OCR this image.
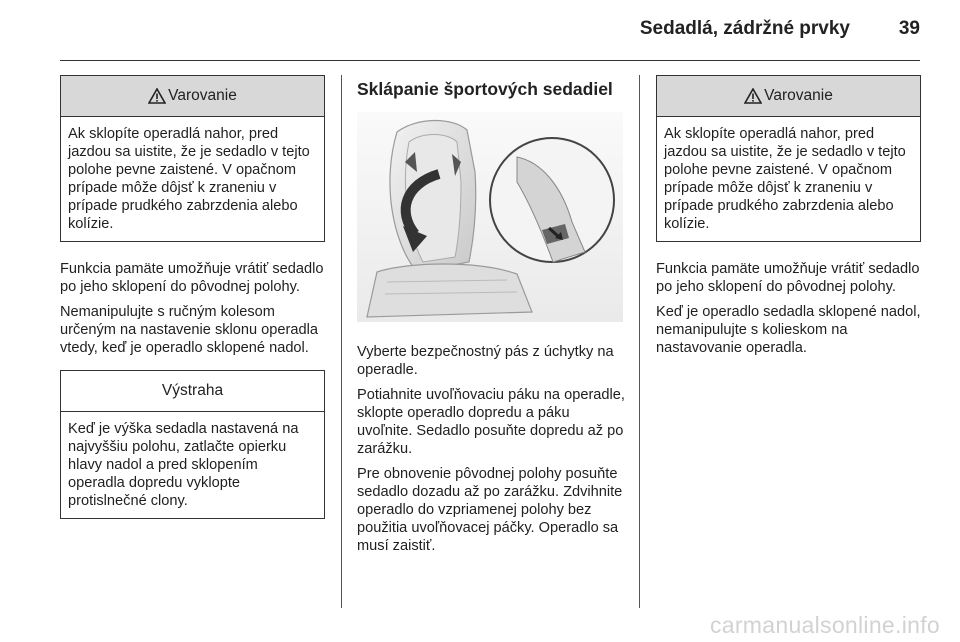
Sedadlá, zádržné prvky	39
Varovanie
Ak sklopíte operadlá nahor, pred jazdou sa uistite, že je sedadlo v tejto polohe pevne zaistené. V opačnom prípade môže dôjsť k zraneniu v prípade prudkého zabrzdenia alebo kolízie.

Funkcia pamäte umožňuje vrátiť sedadlo po jeho sklopení do pôvodnej polohy.

Nemanipulujte s ručným kolesom určeným na nastavenie sklonu operadla vtedy, keď je operadlo sklopené nadol.

Výstraha
Keď je výška sedadla nastavená na najvyššiu polohu, zatlačte opierku hlavy nadol a pred sklopením operadla dopredu vyklopte protislnečné clony.
Sklápanie športových sedadiel

Vyberte bezpečnostný pás z úchytky na operadle.

Potiahnite uvoľňovaciu páku na operadle, sklopte operadlo dopredu a páku uvoľnite. Sedadlo posuňte dopredu až po zarážku.

Pre obnovenie pôvodnej polohy posuňte sedadlo dozadu až po zarážku. Zdvihnite operadlo do vzpriamenej polohy bez použitia uvoľňovacej páčky. Operadlo sa musí zaistiť.

Varovanie
Ak sklopíte operadlá nahor, pred jazdou sa uistite, že je sedadlo v tejto polohe pevne zaistené. V opačnom prípade môže dôjsť k zraneniu v prípade prudkého zabrzdenia alebo kolízie.

Funkcia pamäte umožňuje vrátiť sedadlo po jeho sklopení do pôvodnej polohy.

Keď je operadlo sedadla sklopené nadol, nemanipulujte s kolieskom na nastavovanie operadla.

carmanualsonline.info
